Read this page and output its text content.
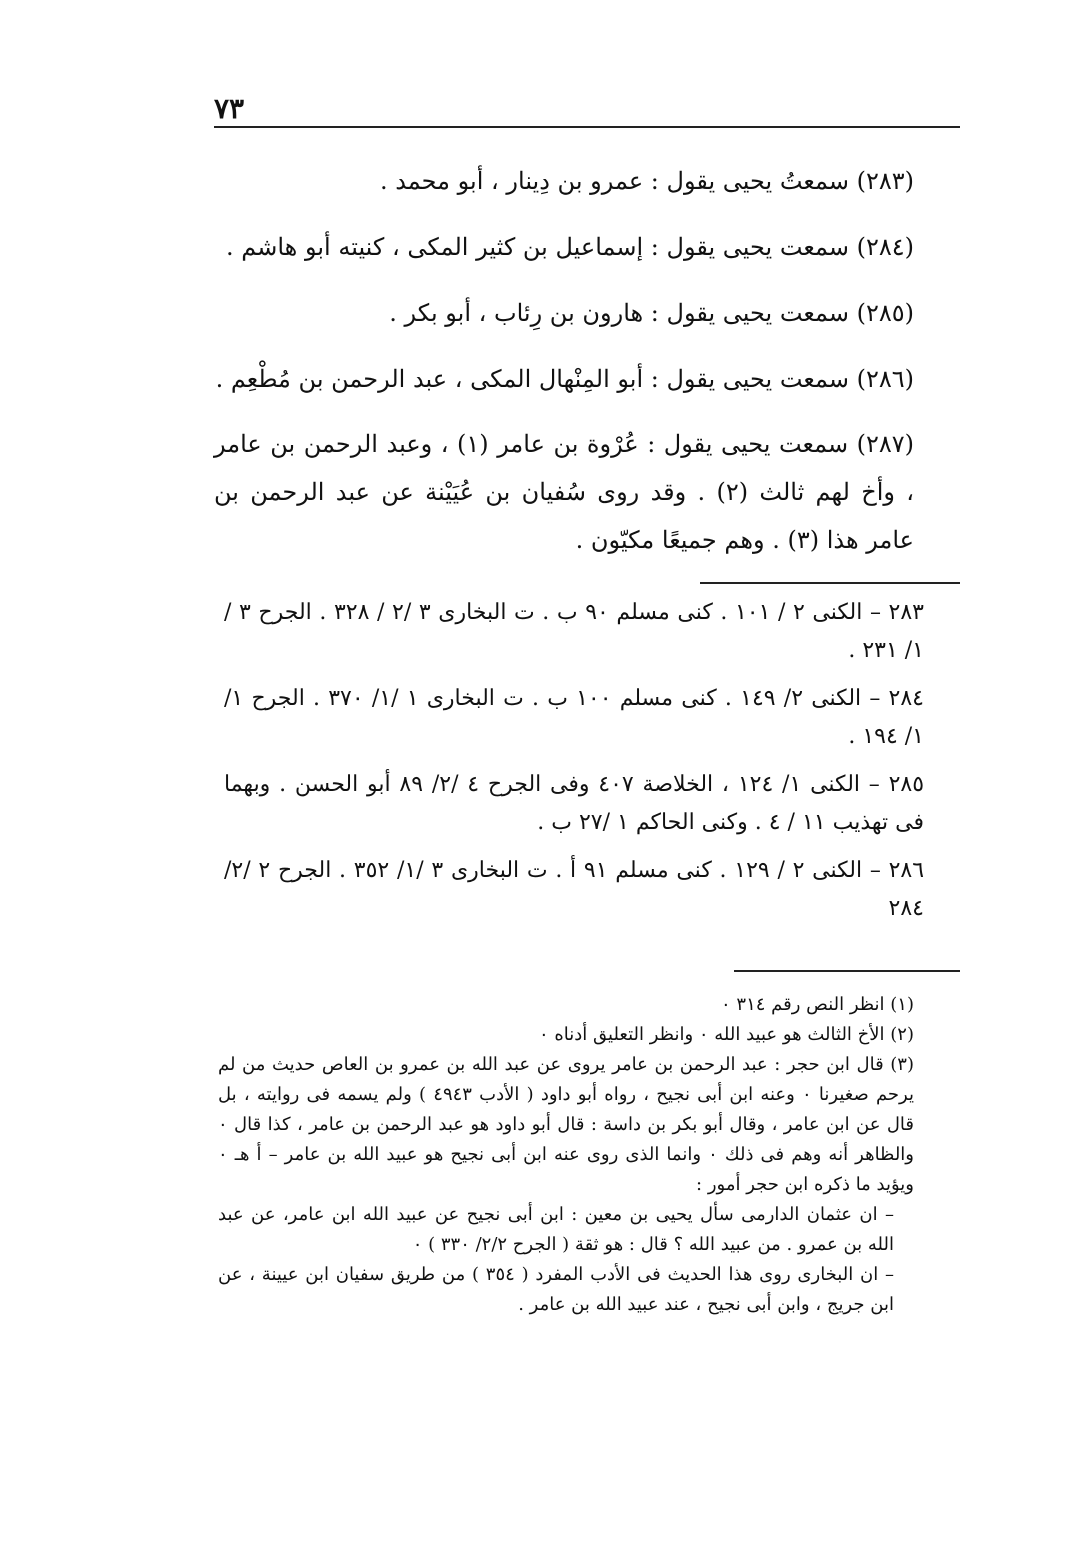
٧٣

(٢٨٣) سمعتُ يحيى يقول : عمرو بن دِينار ، أبو محمد .

(٢٨٤) سمعت يحيى يقول : إسماعيل بن كثير المكى ، كنيته أبو هاشم .

(٢٨٥) سمعت يحيى يقول : هارون بن رِئاب ، أبو بكر .

(٢٨٦) سمعت يحيى يقول : أبو المِنْهال المكى ، عبد الرحمن بن مُطْعِم .

(٢٨٧) سمعت يحيى يقول : عُرْوة بن عامر (١) ، وعبد الرحمن بن عامر ، وأخ لهم ثالث (٢) . وقد روى سُفيان بن عُيَيْنة عن عبد الرحمن بن عامر هذا (٣) . وهم جميعًا مكيّون .

٢٨٣ – الكنى ٢ / ١٠١ . كنى مسلم ٩٠ ب . ت البخارى ٣ /٢ / ٣٢٨ . الجرح ٣ /١/ ٢٣١ .

٢٨٤ – الكنى ٢/ ١٤٩ . كنى مسلم ١٠٠ ب . ت البخارى ١ /١/ ٣٧٠ . الجرح ١/ ١/ ١٩٤ .

٢٨٥ – الكنى ١/ ١٢٤ ، الخلاصة ٤٠٧ وفى الجرح ٤ /٢/ ٨٩ أبو الحسن . وبهما فى تهذيب ١١ / ٤ . وكنى الحاكم ١ /٢٧ ب .

٢٨٦ – الكنى ٢ / ١٢٩ . كنى مسلم ٩١ أ . ت البخارى ٣ /١/ ٣٥٢ . الجرح ٢ /٢/ ٢٨٤

(١) انظر النص رقم ٣١٤ ٠

(٢) الأخ الثالث هو عبيد الله ٠ وانظر التعليق أدناه ٠

(٣) قال ابن حجر : عبد الرحمن بن عامر يروى عن عبد الله بن عمرو بن العاص حديث من لم يرحم صغيرنا ٠ وعنه ابن أبى نجيح ، رواه أبو داود ( الأدب ٤٩٤٣ ) ولم يسمه فى روايته ، بل قال عن ابن عامر ، وقال أبو بكر بن داسة : قال أبو داود هو عبد الرحمن بن عامر ، كذا قال ٠ والظاهر أنه وهم فى ذلك ٠ وانما الذى روى عنه ابن أبى نجيح هو عبيد الله بن عامر – أ هـ ٠ ويؤيد ما ذكره ابن حجر أمور :

– ان عثمان الدارمى سأل يحيى بن معين : ابن أبى نجيح عن عبيد الله ابن عامر، عن عبد الله بن عمرو . من عبيد الله ؟ قال : هو ثقة ( الجرح ٢/٢/ ٣٣٠ ) ٠

– ان البخارى روى هذا الحديث فى الأدب المفرد ( ٣٥٤ ) من طريق سفيان ابن عيينة ، عن ابن جريج ، وابن أبى نجيح ، عند عبيد الله بن عامر .
